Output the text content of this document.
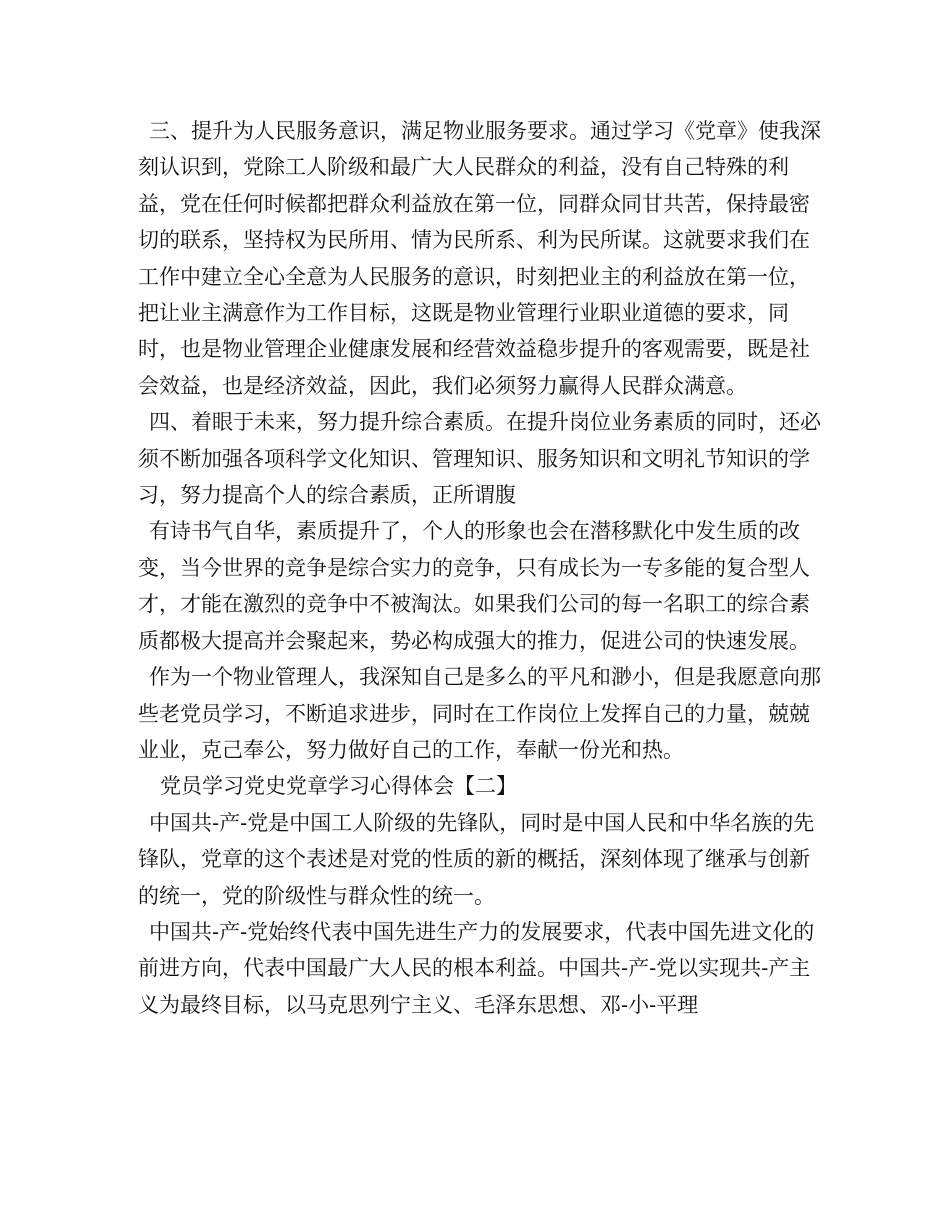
三、提升为人民服务意识，满足物业服务要求。通过学习《党章》使我深刻认识到，党除工人阶级和最广大人民群众的利益，没有自己特殊的利益，党在任何时候都把群众利益放在第一位，同群众同甘共苦，保持最密切的联系，坚持权为民所用、情为民所系、利为民所谋。这就要求我们在工作中建立全心全意为人民服务的意识，时刻把业主的利益放在第一位，把让业主满意作为工作目标，这既是物业管理行业职业道德的要求，同时，也是物业管理企业健康发展和经营效益稳步提升的客观需要，既是社会效益，也是经济效益，因此，我们必须努力赢得人民群众满意。

四、着眼于未来，努力提升综合素质。在提升岗位业务素质的同时，还必须不断加强各项科学文化知识、管理知识、服务知识和文明礼节知识的学习，努力提高个人的综合素质，正所谓腹

有诗书气自华，素质提升了，个人的形象也会在潜移默化中发生质的改变，当今世界的竞争是综合实力的竞争，只有成长为一专多能的复合型人才，才能在激烈的竞争中不被淘汰。如果我们公司的每一名职工的综合素质都极大提高并会聚起来，势必构成强大的推力，促进公司的快速发展。

作为一个物业管理人，我深知自己是多么的平凡和渺小，但是我愿意向那些老党员学习，不断追求进步，同时在工作岗位上发挥自己的力量，兢兢业业，克己奉公，努力做好自己的工作，奉献一份光和热。

党员学习党史党章学习心得体会【二】

中国共-产-党是中国工人阶级的先锋队，同时是中国人民和中华名族的先锋队，党章的这个表述是对党的性质的新的概括，深刻体现了继承与创新的统一，党的阶级性与群众性的统一。

中国共-产-党始终代表中国先进生产力的发展要求，代表中国先进文化的前进方向，代表中国最广大人民的根本利益。中国共-产-党以实现共-产主义为最终目标，以马克思列宁主义、毛泽东思想、邓-小-平理
